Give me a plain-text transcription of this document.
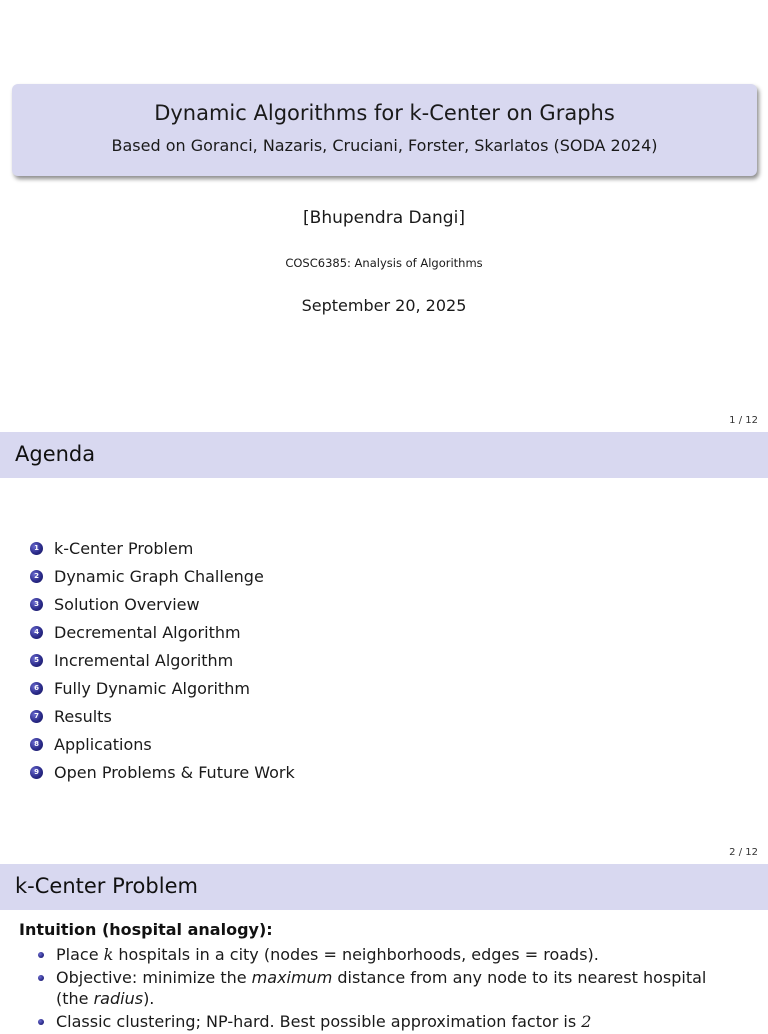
Dynamic Algorithms for k-Center on Graphs
Based on Goranci, Nazaris, Cruciani, Forster, Skarlatos (SODA 2024)
[Bhupendra Dangi]
COSC6385: Analysis of Algorithms
September 20, 2025
1 / 12
Agenda
1 k-Center Problem
2 Dynamic Graph Challenge
3 Solution Overview
4 Decremental Algorithm
5 Incremental Algorithm
6 Fully Dynamic Algorithm
7 Results
8 Applications
9 Open Problems & Future Work
2 / 12
k-Center Problem
Intuition (hospital analogy):
Place k hospitals in a city (nodes = neighborhoods, edges = roads).
Objective: minimize the maximum distance from any node to its nearest hospital (the radius).
Classic clustering; NP-hard. Best possible approximation factor is 2
